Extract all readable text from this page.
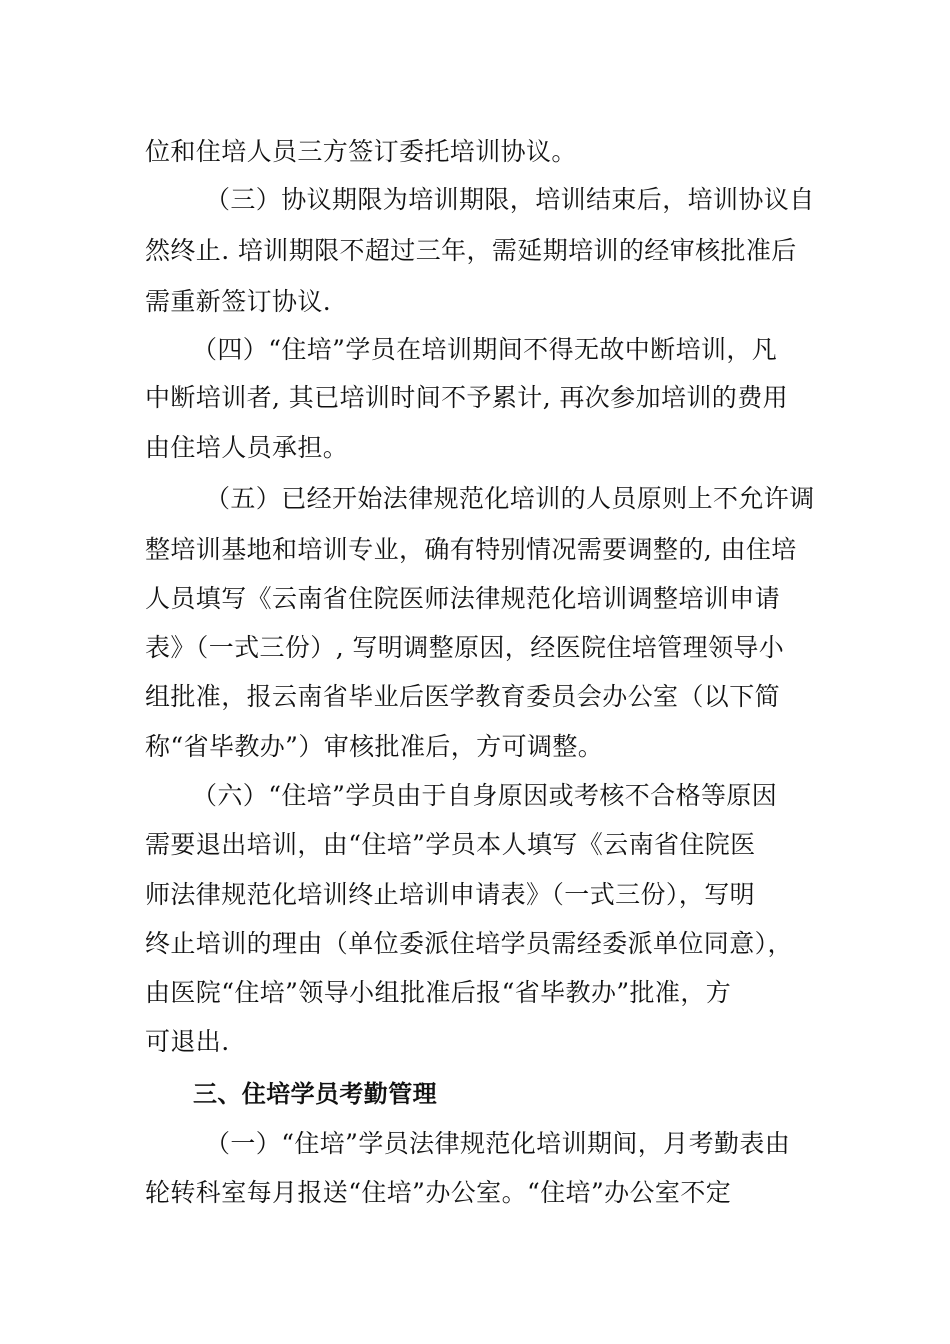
位和住培人员三方签订委托培训协议。
（三）协议期限为培训期限，培训结束后，培训协议自
然终止. 培训期限不超过三年，需延期培训的经审核批准后
需重新签订协议.
（四）“住培”学员在培训期间不得无故中断培训，凡
中断培训者, 其已培训时间不予累计, 再次参加培训的费用
由住培人员承担。
（五）已经开始法律规范化培训的人员原则上不允许调
整培训基地和培训专业，确有特别情况需要调整的, 由住培
人员填写《云南省住院医师法律规范化培训调整培训申请
表》（一式三份）, 写明调整原因，经医院住培管理领导小
组批准，报云南省毕业后医学教育委员会办公室（以下简
称“省毕教办”）审核批准后，方可调整。
（六）“住培”学员由于自身原因或考核不合格等原因
需要退出培训，由“住培”学员本人填写《云南省住院医
师法律规范化培训终止培训申请表》（一式三份），写明
终止培训的理由（单位委派住培学员需经委派单位同意），
由医院“住培”领导小组批准后报“省毕教办”批准，方
可退出.
三、住培学员考勤管理
（一）“住培”学员法律规范化培训期间，月考勤表由
轮转科室每月报送“住培”办公室。“住培”办公室不定
